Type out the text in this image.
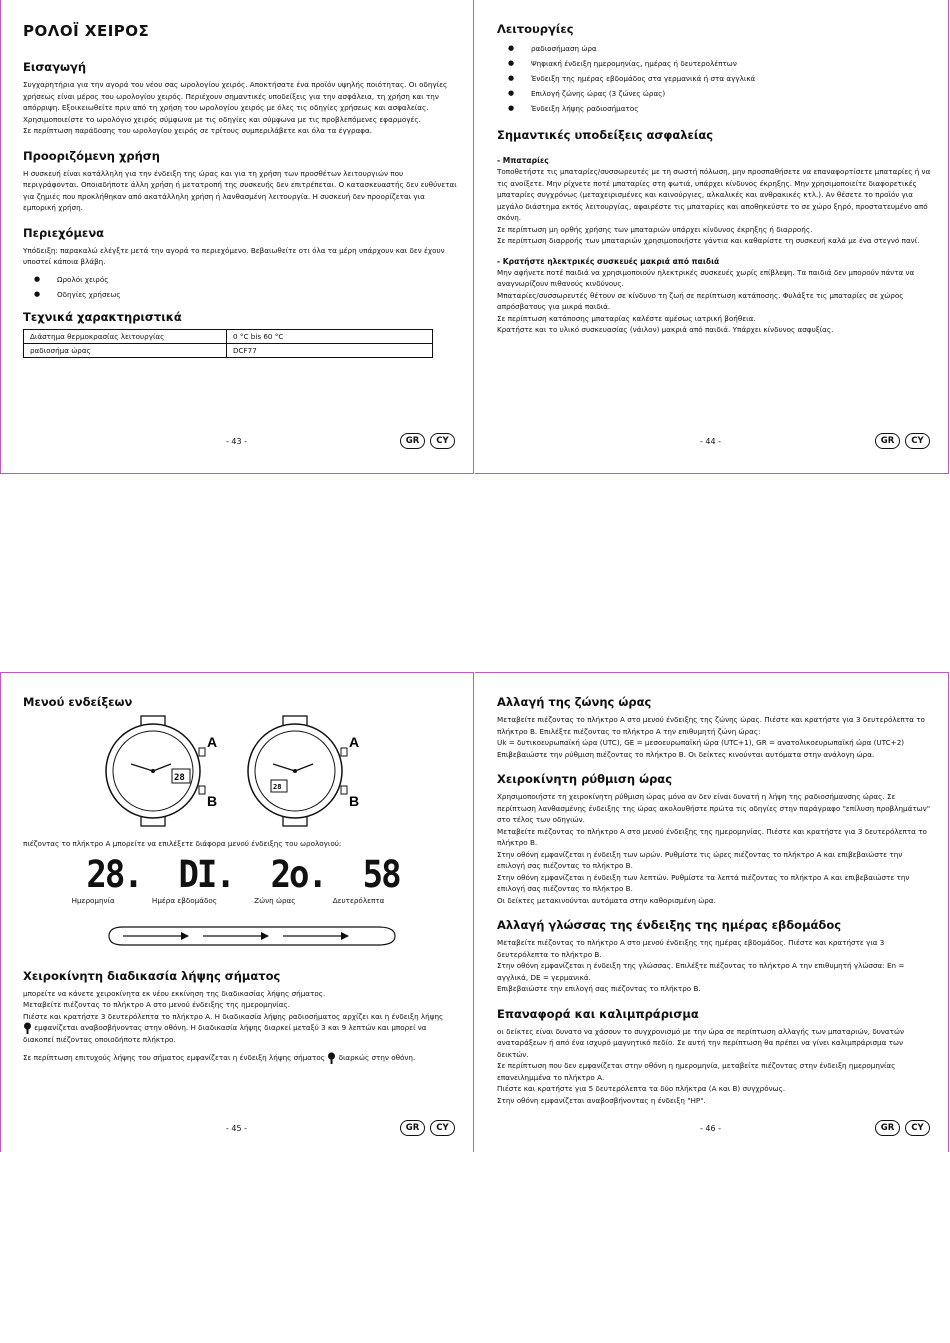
ΡΟΛΟΪ ΧΕΙΡΟΣ
Εισαγωγή

Συγχαρητήρια για την αγορά του νέου σας ωρολογίου χειρός. Αποκτήσατε ένα προϊόν υψηλής ποιότητας. Οι οδηγίες χρήσεως είναι μέρος του ωρολογίου χειρός. Περιέχουν σημαντικές υποδείξεις για την ασφάλεια, τη χρήση και την απόρριψη. Εξοικειωθείτε πριν από τη χρήση του ωρολογίου χειρός με όλες τις οδηγίες χρήσεως και ασφαλείας. Χρησιμοποιείστε το ωρολόγιο χειρός σύμφωνα με τις οδηγίες και σύμφωνα με τις προβλεπόμενες εφαρμογές.

Σε περίπτωση παράδοσης του ωρολογίου χειρός σε τρίτους συμπεριλάβετε και όλα τα έγγραφα.

Προοριζόμενη χρήση

Η συσκευή είναι κατάλληλη για την ένδειξη της ώρας και για τη χρήση των προσθέτων λειτουργιών που περιγράφονται. Οποιαδήποτε άλλη χρήση ή μετατροπή της συσκευής δεν επιτρέπεται. Ο κατασκευαστής δεν ευθύνεται για ζημιές που προκλήθηκαν από ακατάλληλη χρήση ή λανθασμένη λειτουργία. Η συσκευή δεν προορίζεται για εμπορική χρήση.

Περιεχόμενα

Υπόδειξη: παρακαλώ ελέγξτε μετά την αγορά το περιεχόμενο. Βεβαιωθείτε οτι όλα τα μέρη υπάρχουν και δεν έχουν υποστεί κάποια βλάβη.

● Ωρολόι χειρός
● Οδηγίες χρήσεως
Τεχνικά χαρακτηριστικά
Διάστημα θερμοκρασίας λειτουργίας	0 °C bis 60 °C
ραδιοσήμα ώρας	DCF77
- 43 -	GR	CY
Λειτουργίες
● ραδιοσήμαση ώρα
● Ψηφιακή ένδειξη ημερομηνίας, ημέρας ή δευτερολέπτων
● Ένδειξη της ημέρας εβδομάδος στα γερμανικά ή στα αγγλικά
● Επιλογή ζώνης ώρας (3 ζώνες ώρας)
● Ένδειξη λήψης ραδιοσήματος
Σημαντικές υποδείξεις ασφαλείας
- Μπαταρίες

Τοποθετήστε τις μπαταρίες/συσσωρευτές με τη σωστή πόλωση, μην προσπαθήσετε να επαναφορτίσετε μπαταρίες ή να τις ανοίξετε. Μην ρίχνετε ποτέ μπαταρίες στη φωτιά, υπάρχει κίνδυνος έκρηξης. Μην χρησιμοποιείτε διαφορετικές μπαταρίες συγχρόνως (μεταχειρισμένες και καινούργιες, αλκαλικές και ανθρακικές κτλ.). Αν θέσετε το προϊόν για μεγάλο διάστημα εκτός λειτουργίας, αφαιρέστε τις μπαταρίες και αποθηκεύστε το σε χώρο ξηρό, προστατευμένο από σκόνη.

Σε περίπτωση μη ορθής χρήσης των μπαταριών υπάρχει κίνδυνος έκρηξης ή διαρροής.

Σε περίπτωση διαρροής των μπαταριών χρησιμοποιήστε γάντια και καθαρίστε τη συσκευή καλά με ένα στεγνό πανί.

- Κρατήστε ηλεκτρικές συσκευές μακριά από παιδιά

Μην αφήνετε ποτέ παιδιά να χρησιμοποιούν ηλεκτρικές συσκευές χωρίς επίβλεψη. Τα παιδιά δεν μπορούν πάντα να αναγνωρίζουν πιθανούς κινδύνους.

Μπαταρίες/συσσωρευτές θέτουν σε κίνδυνο τη ζωή σε περίπτωση κατάποσης. Φυλάξτε τις μπαταρίες σε χώρος απρόσβατους για μικρά παιδιά.

Σε περίπτωση κατάποσης μπαταρίας καλέστε αμέσως ιατρική βοήθεια.

Κρατήστε και το υλικό συσκευασίας (νάιλον) μακριά από παιδιά. Υπάρχει κίνδυνος ασφυξίας.

- 44 -	GR	CY
Μενού ενδείξεων
28
A
B
28
A
B

πιέζοντας το πλήκτρο Α μπορείτε να επιλέξετε διάφορα μενού ένδειξης του ωρολογιού:

28. DI. 2o. 58
Ημερομηνία	Ημέρα εβδομάδος	Ζώνη ώρας	Δευτερόλεπτα
Χειροκίνητη διαδικασία λήψης σήματος

μπορείτε να κάνετε χειροκίνητα εκ νέου εκκίνηση της διαδικασίας λήψης σήματος.

Μεταβείτε πιέζοντας το πλήκτρο Α στο μενού ένδειξης της ημερομηνίας.

Πιέστε και κρατήστε 3 δευτερόλεπτα το πλήκτρο Α. Η διαδικασία λήψης ραδιοσήματος αρχίζει και η ένδειξη λήψης

εμφανίζεται αναβοσβήνοντας στην οθόνη. Η διαδικασία λήψης διαρκεί μεταξύ 3 και 9 λεπτών και μπορεί να διακοπεί πιέζοντας οποιοδήποτε πλήκτρο.

Σε περίπτωση επιτυχούς λήψης του σήματος εμφανίζεται η ένδειξη λήψης σήματος διαρκώς στην οθόνη.

- 45 -	GR	CY
Αλλαγή της ζώνης ώρας

Μεταβείτε πιέζοντας το πλήκτρο Α στο μενού ένδειξης της ζώνης ώρας. Πιέστε και κρατήστε για 3 δευτερόλεπτα το πλήκτρο Β. Επιλέξτε πιέζοντας το πλήκτρο Α την επιθυμητή ζώνη ώρας:

Uk = δυτικοευρωπαϊκή ώρα (UTC), GE = μεσοευρωπαϊκή ώρα (UTC+1), GR = ανατολικοευρωπαϊκή ώρα (UTC+2)

Επιβεβαιώστε την ρύθμιση πιέζοντας το πλήκτρο Β. Οι δείκτες κινούνται αυτόματα στην ανάλογη ώρα.

Χειροκίνητη ρύθμιση ώρας

Χρησιμοποιήστε τη χειροκίνητη ρύθμιση ώρας μόνο αν δεν είναι δυνατή η λήψη της ραδιοσήμανσης ώρας. Σε περίπτωση λανθασμένης ένδειξης της ώρας ακολουθήστε πρώτα τις οδηγίες στην παράγραφο "επίλυση προβλημάτων" στο τέλος των οδηγιών.

Μεταβείτε πιέζοντας το πλήκτρο Α στο μενού ένδειξης της ημερομηνίας. Πιέστε και κρατήστε για 3 δευτερόλεπτα το πλήκτρο Β.

Στην οθόνη εμφανίζεται η ένδειξη των ωρών. Ρυθμίστε τις ώρες πιέζοντας το πλήκτρο Α και επιβεβαιώστε την επιλογή σας πιέζοντας το πλήκτρο Β.

Στην οθόνη εμφανίζεται η ένδειξη των λεπτών. Ρυθμίστε τα λεπτά πιέζοντας το πλήκτρο Α και επιβεβαιώστε την επιλογή σας πιέζοντας το πλήκτρο Β.

Οι δείκτες μετακινούνται αυτόματα στην καθορισμένη ώρα.

Αλλαγή γλώσσας της ένδειξης της ημέρας εβδομάδος

Μεταβείτε πιέζοντας το πλήκτρο Α στο μενού ένδειξης της ημέρας εβδομάδος. Πιέστε και κρατήστε για 3 δευτερόλεπτα το πλήκτρο Β.

Στην οθόνη εμφανίζεται η ένδειξη της γλώσσας. Επιλέξτε πιέζοντας το πλήκτρο Α την επιθυμητή γλώσσα: En = αγγλικά, DE = γερμανικά.

Επιβεβαιώστε την επιλογή σας πιέζοντας το πλήκτρο Β.

Επαναφορά και καλιμπράρισμα

οι δείκτες είναι δυνατο να χάσουν το συγχρονισμό με την ώρα σε περίπτωση αλλαγής των μπαταριών, δυνατών αναταράξεων ή από ένα ισχυρό μαγνητικό πεδίο. Σε αυτή την περίπτωση θα πρέπει να γίνει καλιμπράρισμα των δεικτών.

Σε περίπτωση που δεν εμφανίζεται στην οθόνη η ημερομηνία, μεταβείτε πιέζοντας στην ένδειξη ημερομηνίας επανειλημμένα το πλήκτρο Α.

Πιέστε και κρατήστε για 5 δευτερόλεπτα τα δύο πλήκτρα (Α και Β) συγχρόνως.

Στην οθόνη εμφανίζεται αναβοσβήνοντας η ένδειξη "HP".

- 46 -	GR	CY
